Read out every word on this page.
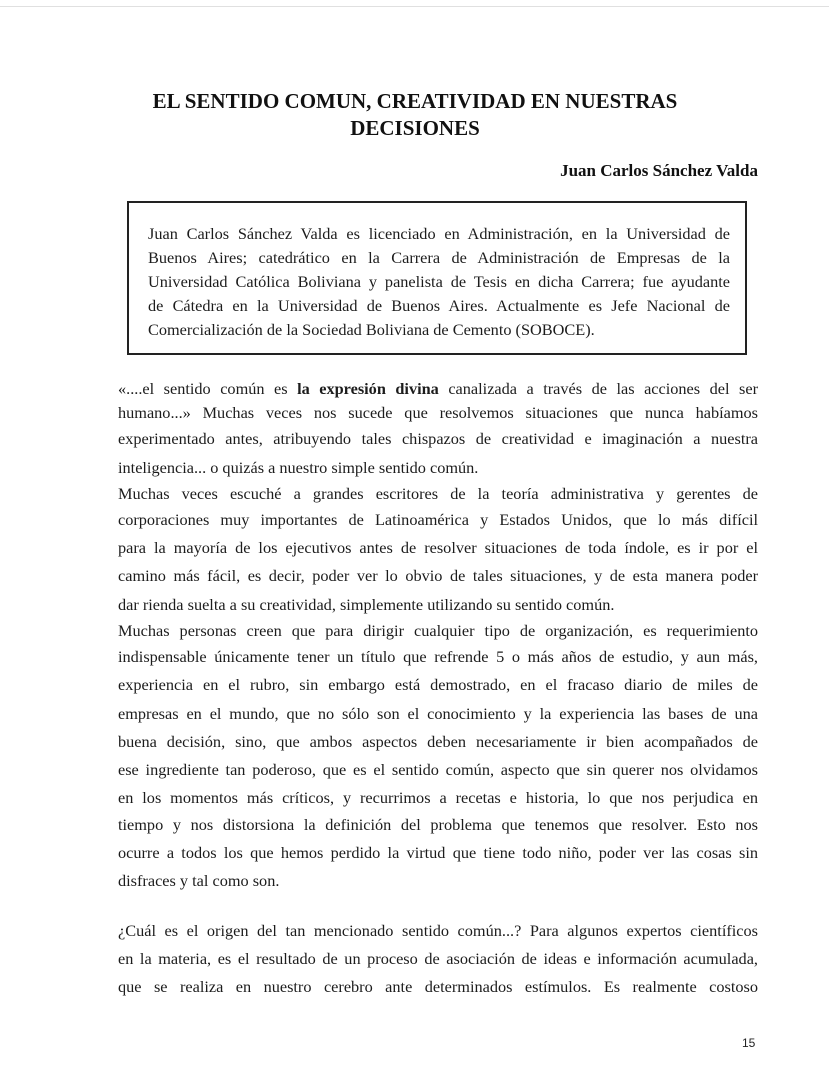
EL SENTIDO COMUN, CREATIVIDAD EN NUESTRAS
DECISIONES
Juan Carlos Sánchez Valda
Juan Carlos Sánchez Valda es licenciado en Administración, en la Universidad de
Buenos Aires; catedrático en la Carrera de Administración de Empresas de la
Universidad Católica Boliviana y panelista de Tesis en dicha Carrera; fue ayudante
de Cátedra en la Universidad de Buenos Aires. Actualmente es Jefe Nacional de
Comercialización de la Sociedad Boliviana de Cemento (SOBOCE).
«....el sentido común es la expresión divina canalizada a través de las acciones del ser
humano...» Muchas veces nos sucede que resolvemos situaciones que nunca habíamos
experimentado antes, atribuyendo tales chispazos de creatividad e imaginación a nuestra
inteligencia... o quizás a nuestro simple sentido común.
Muchas veces escuché a grandes escritores de la teoría administrativa y gerentes de
corporaciones muy importantes de Latinoamérica y Estados Unidos, que lo más difícil
para la mayoría de los ejecutivos antes de resolver situaciones de toda índole, es ir por el
camino más fácil, es decir, poder ver lo obvio de tales situaciones, y de esta manera poder
dar rienda suelta a su creatividad, simplemente utilizando su sentido común.
Muchas personas creen que para dirigir cualquier tipo de organización, es requerimiento
indispensable únicamente tener un título que refrende 5 o más años de estudio, y aun más,
experiencia en el rubro, sin embargo está demostrado, en el fracaso diario de miles de
empresas en el mundo, que no sólo son el conocimiento y la experiencia las bases de una
buena decisión, sino, que ambos aspectos deben necesariamente ir bien acompañados de
ese ingrediente tan poderoso, que es el sentido común, aspecto que sin querer nos olvidamos
en los momentos más críticos, y recurrimos a recetas e historia, lo que nos perjudica en
tiempo y nos distorsiona la definición del problema que tenemos que resolver. Esto nos
ocurre a todos los que hemos perdido la virtud que tiene todo niño, poder ver las cosas sin
disfraces y tal como son.
¿Cuál es el origen del tan mencionado sentido común...? Para algunos expertos científicos
en la materia, es el resultado de un proceso de asociación de ideas e información acumulada,
que se realiza en nuestro cerebro ante determinados estímulos. Es realmente costoso
15
